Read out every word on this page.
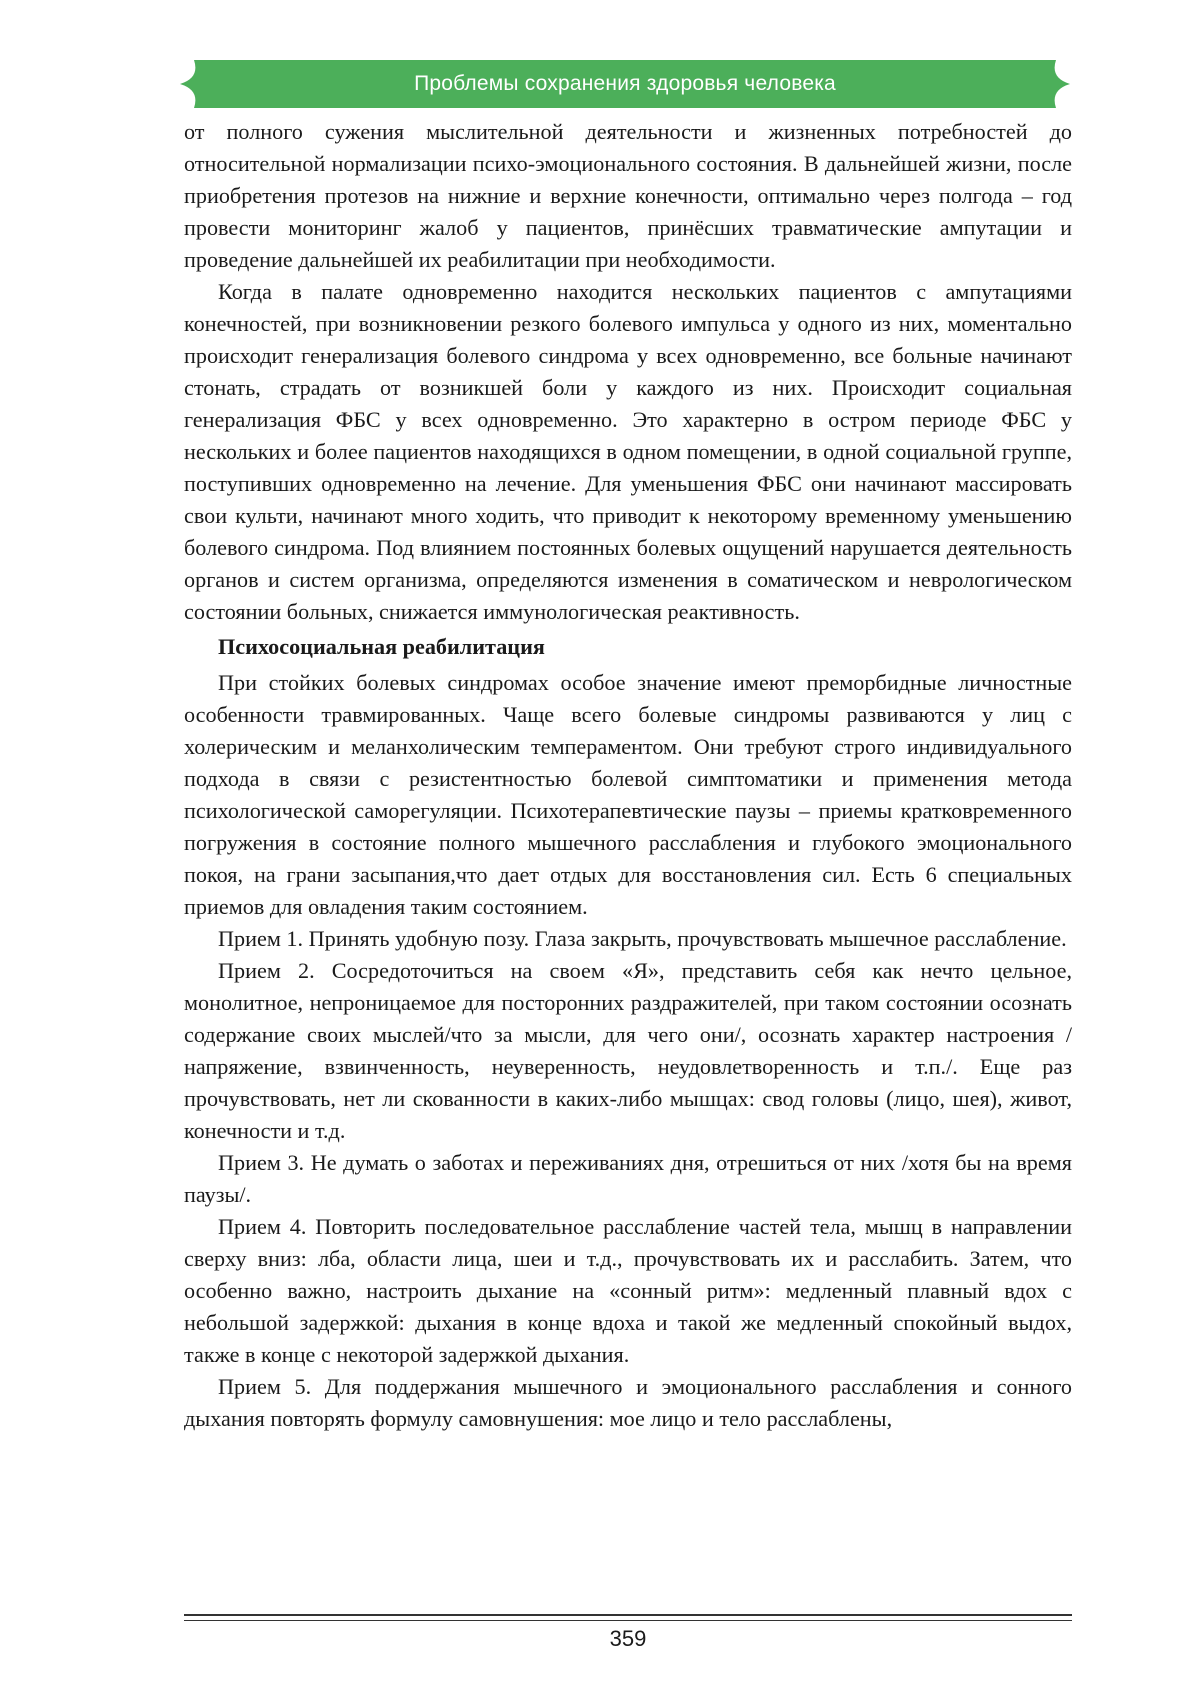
Проблемы сохранения здоровья человека

от полного сужения мыслительной деятельности и жизненных потребностей до относительной нормализации психо-эмоционального состояния. В дальнейшей жизни, после приобретения протезов на нижние и верхние конечности, оптимально через полгода – год провести мониторинг жалоб у пациентов, принёсших травматические ампутации и проведение дальнейшей их реабилитации при необходимости.

Когда в палате одновременно находится нескольких пациентов с ампутациями конечностей, при возникновении резкого болевого импульса у одного из них, моментально происходит генерализация болевого синдрома у всех одновременно, все больные начинают стонать, страдать от возникшей боли у каждого из них. Происходит социальная генерализация ФБС у всех одновременно. Это характерно в остром периоде ФБС у нескольких и более пациентов находящихся в одном помещении, в одной социальной группе, поступивших одновременно на лечение. Для уменьшения ФБС они начинают массировать свои культи, начинают много ходить, что приводит к некоторому временному уменьшению болевого синдрома. Под влиянием постоянных болевых ощущений нарушается деятельность органов и систем организма, определяются изменения в соматическом и неврологическом состоянии больных, снижается иммунологическая реактивность.

Психосоциальная реабилитация

При стойких болевых синдромах особое значение имеют преморбидные личностные особенности травмированных. Чаще всего болевые синдромы развиваются у лиц с холерическим и меланхолическим темпераментом. Они требуют строго индивидуального подхода в связи с резистентностью болевой симптоматики и применения метода психологической саморегуляции. Психотерапевтические паузы – приемы кратковременного погружения в состояние полного мышечного расслабления и глубокого эмоционального покоя, на грани засыпания,что дает отдых для восстановления сил. Есть 6 специальных приемов для овладения таким состоянием.

Прием 1. Принять удобную позу. Глаза закрыть, прочувствовать мышечное расслабление.

Прием 2. Сосредоточиться на своем «Я», представить себя как нечто цельное, монолитное, непроницаемое для посторонних раздражителей, при таком состоянии осознать содержание своих мыслей/что за мысли, для чего они/, осознать характер настроения /напряжение, взвинченность, неуверенность, неудовлетворенность и т.п./. Еще раз прочувствовать, нет ли скованности в каких-либо мышцах: свод головы (лицо, шея), живот, конечности и т.д.

Прием 3. Не думать о заботах и переживаниях дня, отрешиться от них /хотя бы на время паузы/.

Прием 4. Повторить последовательное расслабление частей тела, мышц в направлении сверху вниз: лба, области лица, шеи и т.д., прочувствовать их и расслабить. Затем, что особенно важно, настроить дыхание на «сонный ритм»: медленный плавный вдох с небольшой задержкой: дыхания в конце вдоха и такой же медленный спокойный выдох, также в конце с некоторой задержкой дыхания.

Прием 5. Для поддержания мышечного и эмоционального расслабления и сонного дыхания повторять формулу самовнушения: мое лицо и тело расслаблены,

359
